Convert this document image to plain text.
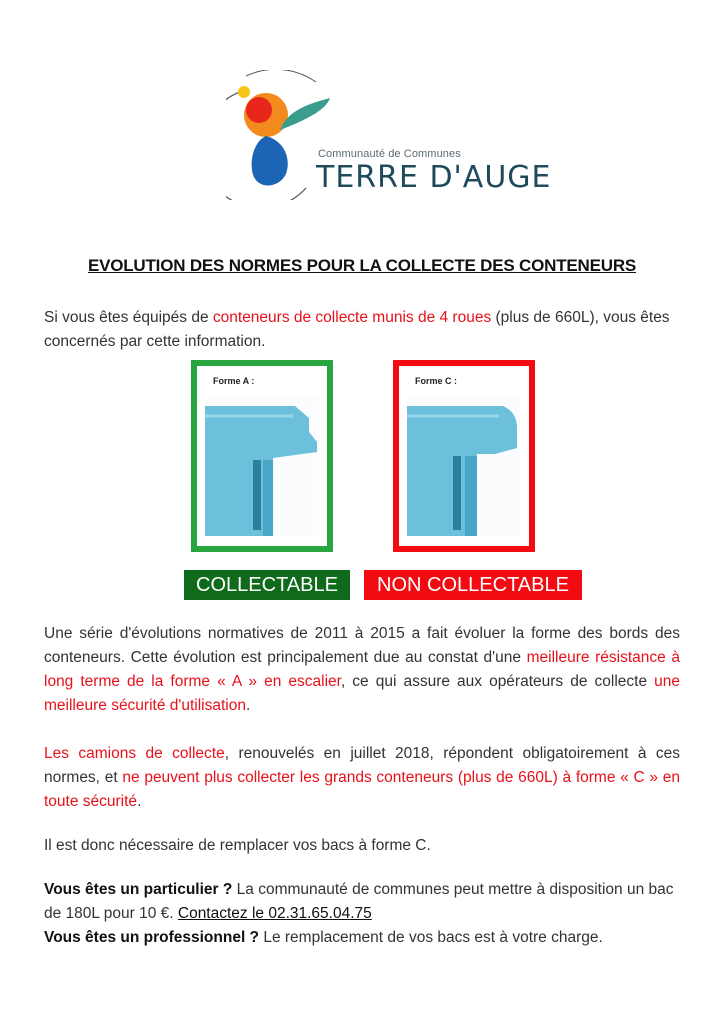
Communauté de Communes
TERRE D'AUGE
EVOLUTION DES NORMES POUR LA COLLECTE DES CONTENEURS
Si vous êtes équipés de conteneurs de collecte munis de 4 roues (plus de 660L), vous êtes concernés par cette information.
Forme A :	Forme C :
COLLECTABLE	NON COLLECTABLE
Une série d'évolutions normatives de 2011 à 2015 a fait évoluer la forme des bords des conteneurs. Cette évolution est principalement due au constat d'une meilleure résistance à long terme de la forme « A » en escalier, ce qui assure aux opérateurs de collecte une meilleure sécurité d'utilisation.
Les camions de collecte, renouvelés en juillet 2018, répondent obligatoirement à ces normes, et ne peuvent plus collecter les grands conteneurs (plus de 660L) à forme « C » en toute sécurité.
Il est donc nécessaire de remplacer vos bacs à forme C.
Vous êtes un particulier ? La communauté de communes peut mettre à disposition un bac de 180L pour 10 €. Contactez le 02.31.65.04.75
Vous êtes un professionnel ? Le remplacement de vos bacs est à votre charge.
